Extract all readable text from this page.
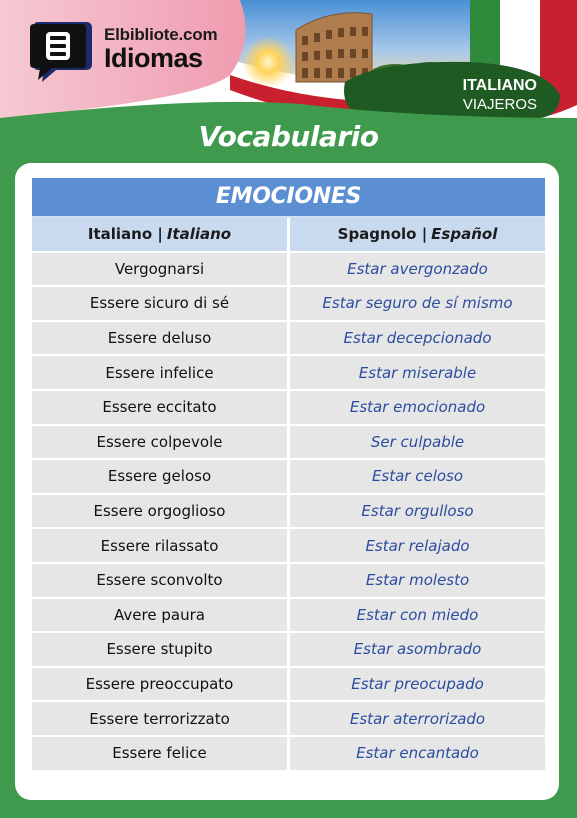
Elbibliote.com
Idiomas
ITALIANO
VIAJEROS
Vocabulario
EMOCIONES
Italiano | Italiano	Spagnolo | Español
Vergognarsi	Estar avergonzado
Essere sicuro di sé	Estar seguro de sí mismo
Essere deluso	Estar decepcionado
Essere infelice	Estar miserable
Essere eccitato	Estar emocionado
Essere colpevole	Ser culpable
Essere geloso	Estar celoso
Essere orgoglioso	Estar orgulloso
Essere rilassato	Estar relajado
Essere sconvolto	Estar molesto
Avere paura	Estar con miedo
Essere stupito	Estar asombrado
Essere preoccupato	Estar preocupado
Essere terrorizzato	Estar aterrorizado
Essere felice	Estar encantado
